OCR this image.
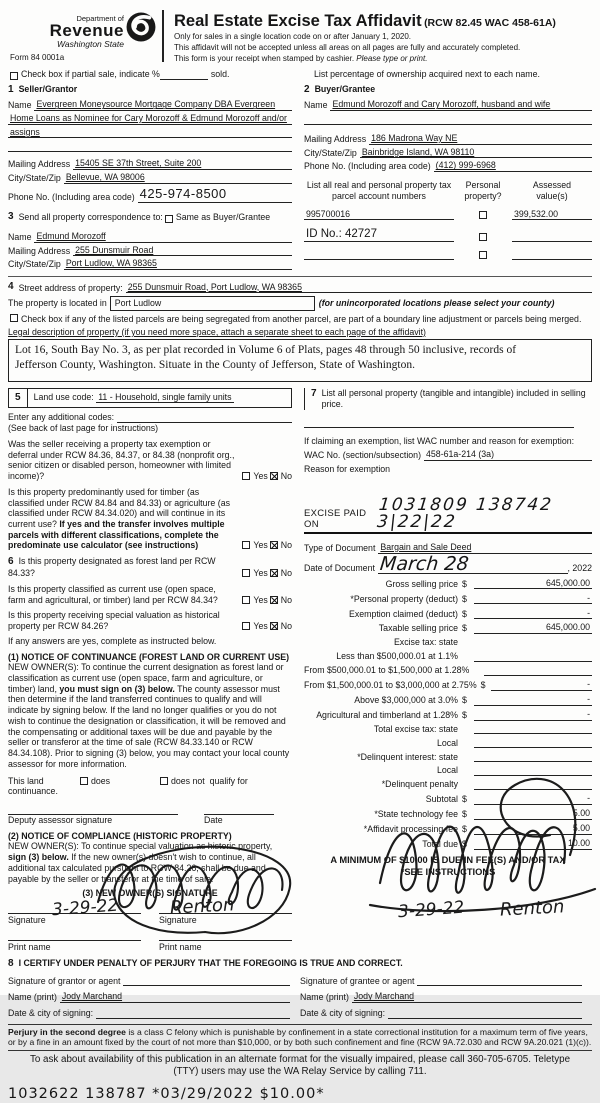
Department of
Revenue
Washington State
Form 84 0001a
Real Estate Excise Tax Affidavit (RCW 82.45 WAC 458-61A)
Only for sales in a single location code on or after January 1, 2020.
This affidavit will not be accepted unless all areas on all pages are fully and accurately completed.
This form is your receipt when stamped by cashier. Please type or print.
Check box if partial sale, indicate %	sold.	List percentage of ownership acquired next to each name.
1 Seller/Grantor
Name Evergreen Moneysource Mortgage Company DBA Evergreen
Home Loans as Nominee for Cary Morozoff & Edmund Morozoff and/or
assigns
Mailing Address 15405 SE 37th Street, Suite 200
City/State/Zip Bellevue, WA 98006
Phone No. (Including area code) 425-974-8500
3 Send all property correspondence to: Same as Buyer/Grantee
Name Edmund Morozoff
Mailing Address 255 Dunsmuir Road
City/State/Zip Port Ludlow, WA 98365
2 Buyer/Grantee
Name Edmund Morozoff and Cary Morozoff, husband and wife
Mailing Address 186 Madrona Way NE
City/State/Zip Bainbridge Island, WA 98110
Phone No. (Including area code) (412) 999-6968
List all real and personal property tax
parcel account numbers
Personal
property?
Assessed
value(s)
995700016	399,532.00
ID No.: 42727
4 Street address of property: 255 Dunsmuir Road, Port Ludlow, WA 98365
The property is located in Port Ludlow	(for unincorporated locations please select your county)
Check box if any of the listed parcels are being segregated from another parcel, are part of a boundary line adjustment or parcels being merged.
Legal description of property (if you need more space, attach a separate sheet to each page of the affidavit)
Lot 16, South Bay No. 3, as per plat recorded in Volume 6 of Plats, pages 48 through 50 inclusive, records of
Jefferson County, Washington. Situate in the County of Jefferson, State of Washington.
5	Land use code: 11 - Household, single family units
Enter any additional codes:
(See back of last page for instructions)
Was the seller receiving a property tax exemption or deferral under RCW 84.36, 84.37, or 84.38 (nonprofit org., senior citizen or disabled person, homeowner with limited income)?	Yes No
Is this property predominantly used for timber (as classified under RCW 84.84 and 84.33) or agriculture (as classified under RCW 84.34.020) and will continue in its current use? If yes and the transfer involves multiple parcels with different classifications, complete the predominate use calculator (see instructions)	Yes No
6 Is this property designated as forest land per RCW 84.33?	Yes No
Is this property classified as current use (open space, farm and agricultural, or timber) land per RCW 84.34?	Yes No
Is this property receiving special valuation as historical property per RCW 84.26?	Yes No
If any answers are yes, complete as instructed below.
(1) NOTICE OF CONTINUANCE (FOREST LAND OR CURRENT USE)
NEW OWNER(S): To continue the current designation as forest land or classification as current use (open space, farm and agriculture, or timber) land, you must sign on (3) below. The county assessor must then determine if the land transferred continues to qualify and will indicate by signing below. If the land no longer qualifies or you do not wish to continue the designation or classification, it will be removed and the compensating or additional taxes will be due and payable by the seller or transferor at the time of sale (RCW 84.33.140 or RCW 84.34.108). Prior to signing (3) below, you may contact your local county assessor for more information.
This land
continuance.
does	does not qualify for
Deputy assessor signature	Date
(2) NOTICE OF COMPLIANCE (HISTORIC PROPERTY)
NEW OWNER(S): To continue special valuation as historic property, sign (3) below. If the new owner(s) doesn't wish to continue, all additional tax calculated pursuant to RCW 84.26, shall be due and payable by the seller or transferor at the time of sale.
(3) NEW OWNER(S) SIGNATURE
Signature	Signature
Print name	Print name
7 List all personal property (tangible and intangible) included in selling price.
If claiming an exemption, list WAC number and reason for exemption:
WAC No. (section/subsection) 458-61a-214 (3a)
Reason for exemption
EXCISE PAID ON
1031809 138742 3|22|22
Type of Document Bargain and Sale Deed
Date of Document March 28	, 2022
Gross selling price $	645,000.00
*Personal property (deduct) $	-
Exemption claimed (deduct) $	-
Taxable selling price $	645,000.00
Excise tax: state
Less than $500,000.01 at 1.1%
From $500,000.01 to $1,500,000 at 1.28%
From $1,500,000.01 to $3,000,000 at 2.75% $	-
Above $3,000,000 at 3.0% $	-
Agricultural and timberland at 1.28% $	-
Total excise tax: state
Local
*Delinquent interest: state
Local
*Delinquent penalty
Subtotal $	-
*State technology fee $	5.00
*Affidavit processing fee $	5.00
Total due $	10.00
A MINIMUM OF $10.00 IS DUE IN FEE(S) AND/OR TAX
*SEE INSTRUCTIONS
8 I CERTIFY UNDER PENALTY OF PERJURY THAT THE FOREGOING IS TRUE AND CORRECT.
Signature of grantor or agent
Name (print) Jody Marchand
Date & city of signing:
Signature of grantee or agent
Name (print) Jody Marchand
Date & city of signing:
Perjury in the second degree is a class C felony which is punishable by confinement in a state correctional institution for a maximum term of five years, or by a fine in an amount fixed by the court of not more than $10,000, or by both such confinement and fine (RCW 9A.72.030 and RCW 9A.20.021 (1)(c)).
To ask about availability of this publication in an alternate format for the visually impaired, please call 360-705-6705. Teletype
(TTY) users may use the WA Relay Service by calling 711.
1032622 138787 *03/29/2022 $10.00*
3-29-22	Renton	3-29-22 Renton
